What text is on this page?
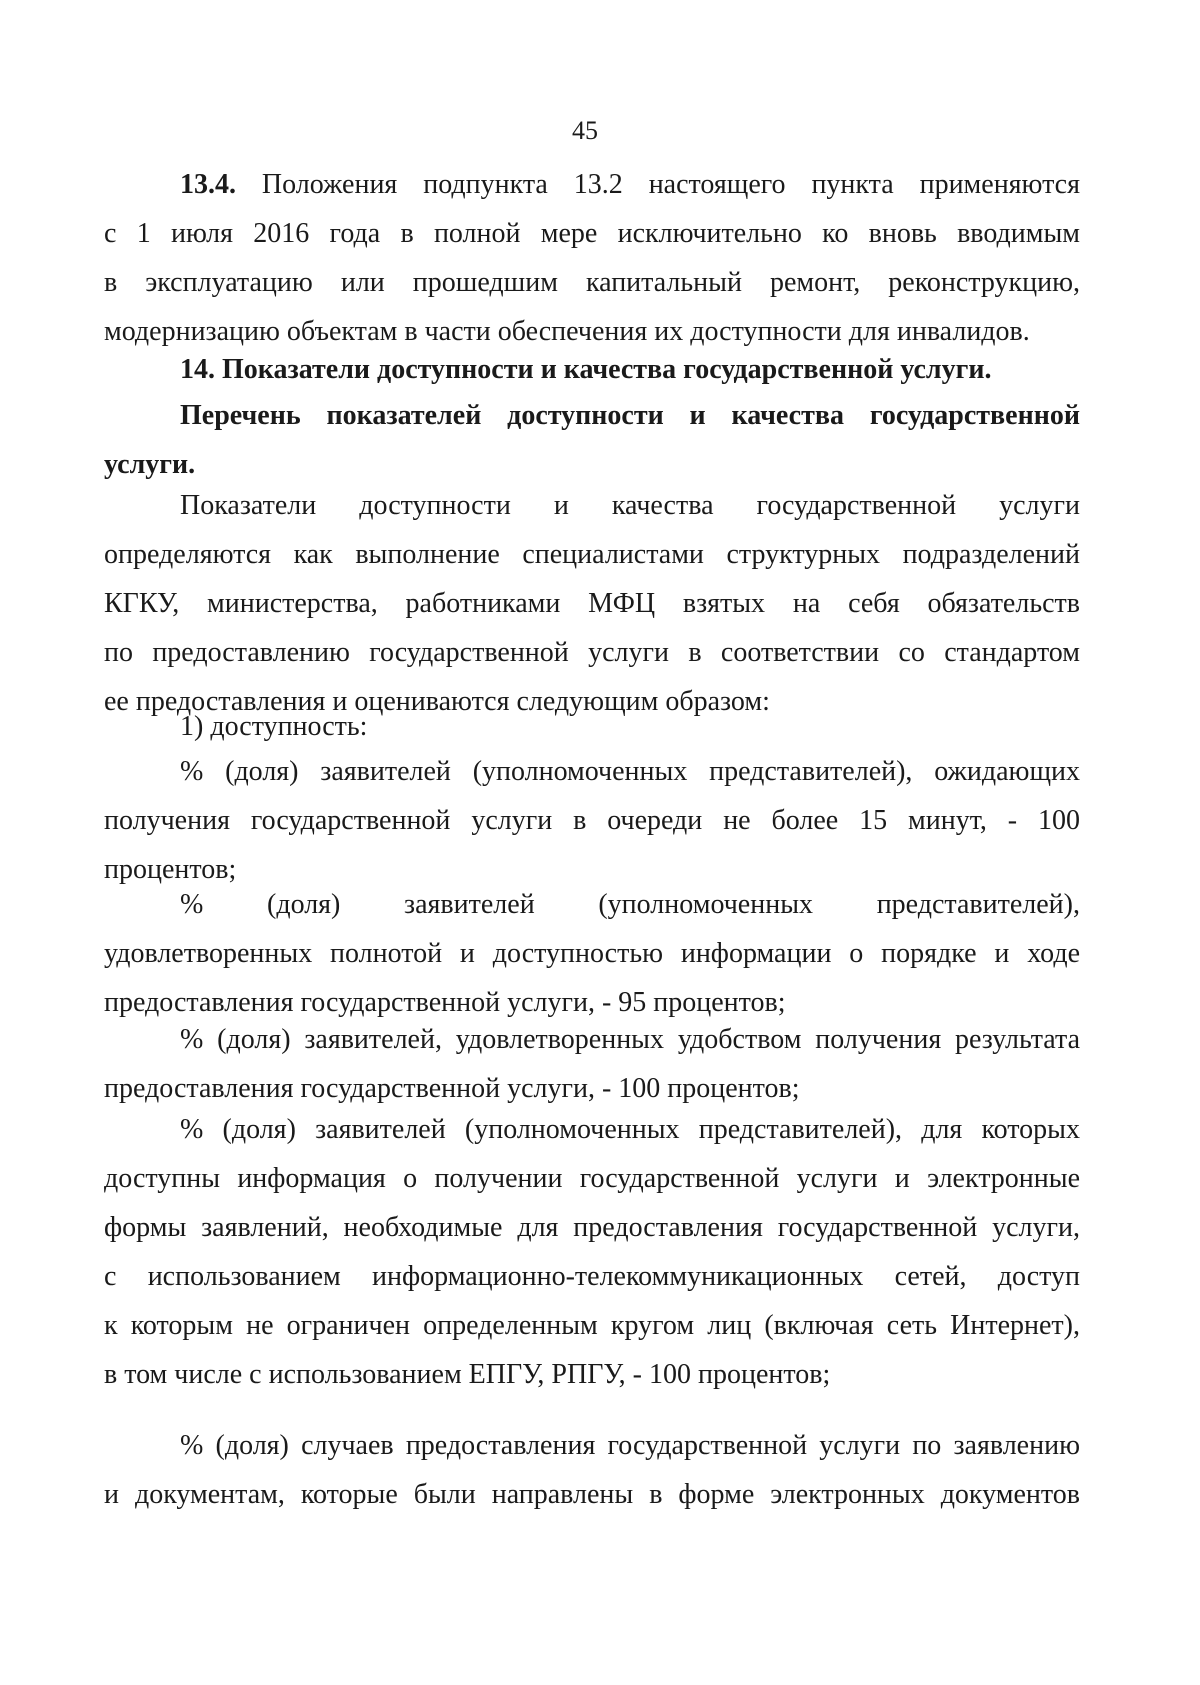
45

13.4. Положения подпункта 13.2 настоящего пункта применяются

с 1 июля 2016 года в полной мере исключительно ко вновь вводимым

в эксплуатацию или прошедшим капитальный ремонт, реконструкцию,

модернизацию объектам в части обеспечения их доступности для инвалидов.

14. Показатели доступности и качества государственной услуги.

Перечень показателей доступности и качества государственной

услуги.

Показатели доступности и качества государственной услуги

определяются как выполнение специалистами структурных подразделений

КГКУ, министерства, работниками МФЦ взятых на себя обязательств

по предоставлению государственной услуги в соответствии со стандартом

ее предоставления и оцениваются следующим образом:

1) доступность:

% (доля) заявителей (уполномоченных представителей), ожидающих

получения государственной услуги в очереди не более 15 минут, - 100

процентов;

% (доля) заявителей (уполномоченных представителей),

удовлетворенных полнотой и доступностью информации о порядке и ходе

предоставления государственной услуги, - 95 процентов;

% (доля) заявителей, удовлетворенных удобством получения результата

предоставления государственной услуги, - 100 процентов;

% (доля) заявителей (уполномоченных представителей), для которых

доступны информация о получении государственной услуги и электронные

формы заявлений, необходимые для предоставления государственной услуги,

с использованием информационно-телекоммуникационных сетей, доступ

к которым не ограничен определенным кругом лиц (включая сеть Интернет),

в том числе с использованием ЕПГУ, РПГУ, - 100 процентов;

% (доля) случаев предоставления государственной услуги по заявлению

и документам, которые были направлены в форме электронных документов
